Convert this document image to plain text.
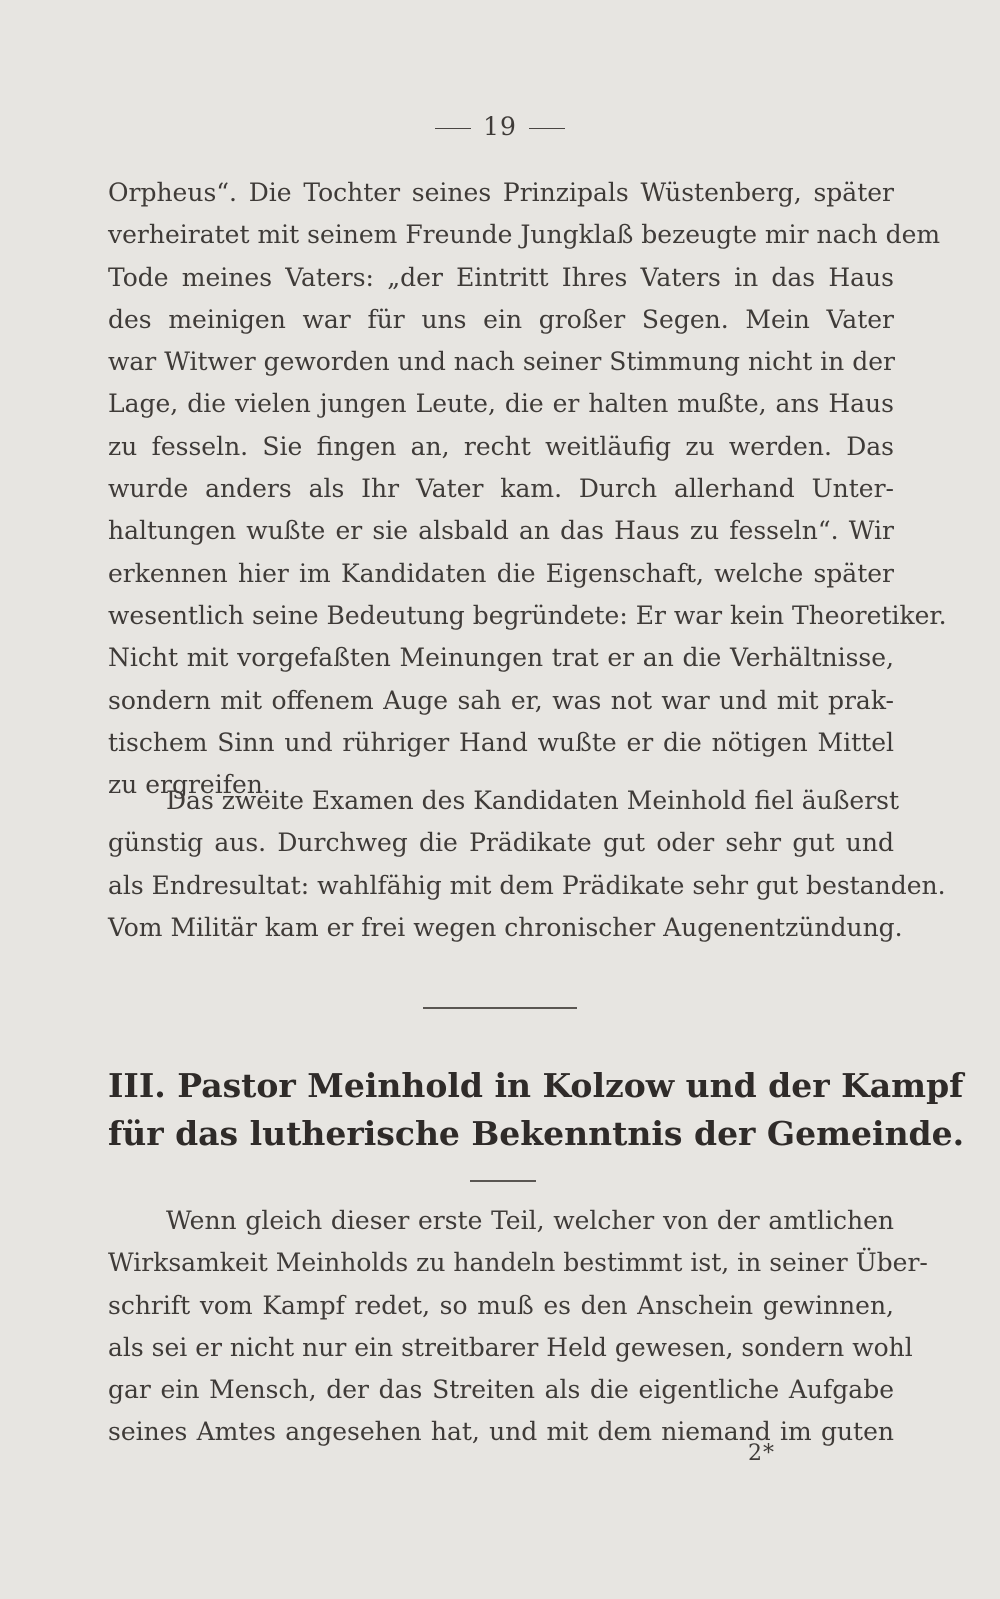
19
Orpheus“. Die Tochter seines Prinzipals Wüstenberg, später
verheiratet mit seinem Freunde Jungklaß bezeugte mir nach dem
Tode meines Vaters: „der Eintritt Ihres Vaters in das Haus
des meinigen war für uns ein großer Segen. Mein Vater
war Witwer geworden und nach seiner Stimmung nicht in der
Lage, die vielen jungen Leute, die er halten mußte, ans Haus
zu fesseln. Sie fingen an, recht weitläufig zu werden. Das
wurde anders als Ihr Vater kam. Durch allerhand Unter-
haltungen wußte er sie alsbald an das Haus zu fesseln“. Wir
erkennen hier im Kandidaten die Eigenschaft, welche später
wesentlich seine Bedeutung begründete: Er war kein Theoretiker.
Nicht mit vorgefaßten Meinungen trat er an die Verhältnisse,
sondern mit offenem Auge sah er, was not war und mit prak-
tischem Sinn und rühriger Hand wußte er die nötigen Mittel
zu ergreifen.
Das zweite Examen des Kandidaten Meinhold fiel äußerst
günstig aus. Durchweg die Prädikate gut oder sehr gut und
als Endresultat: wahlfähig mit dem Prädikate sehr gut bestanden.
Vom Militär kam er frei wegen chronischer Augenentzündung.
III. Pastor Meinhold in Kolzow und der Kampf
für das lutherische Bekenntnis der Gemeinde.
Wenn gleich dieser erste Teil, welcher von der amtlichen
Wirksamkeit Meinholds zu handeln bestimmt ist, in seiner Über-
schrift vom Kampf redet, so muß es den Anschein gewinnen,
als sei er nicht nur ein streitbarer Held gewesen, sondern wohl
gar ein Mensch, der das Streiten als die eigentliche Aufgabe
seines Amtes angesehen hat, und mit dem niemand im guten
2*
